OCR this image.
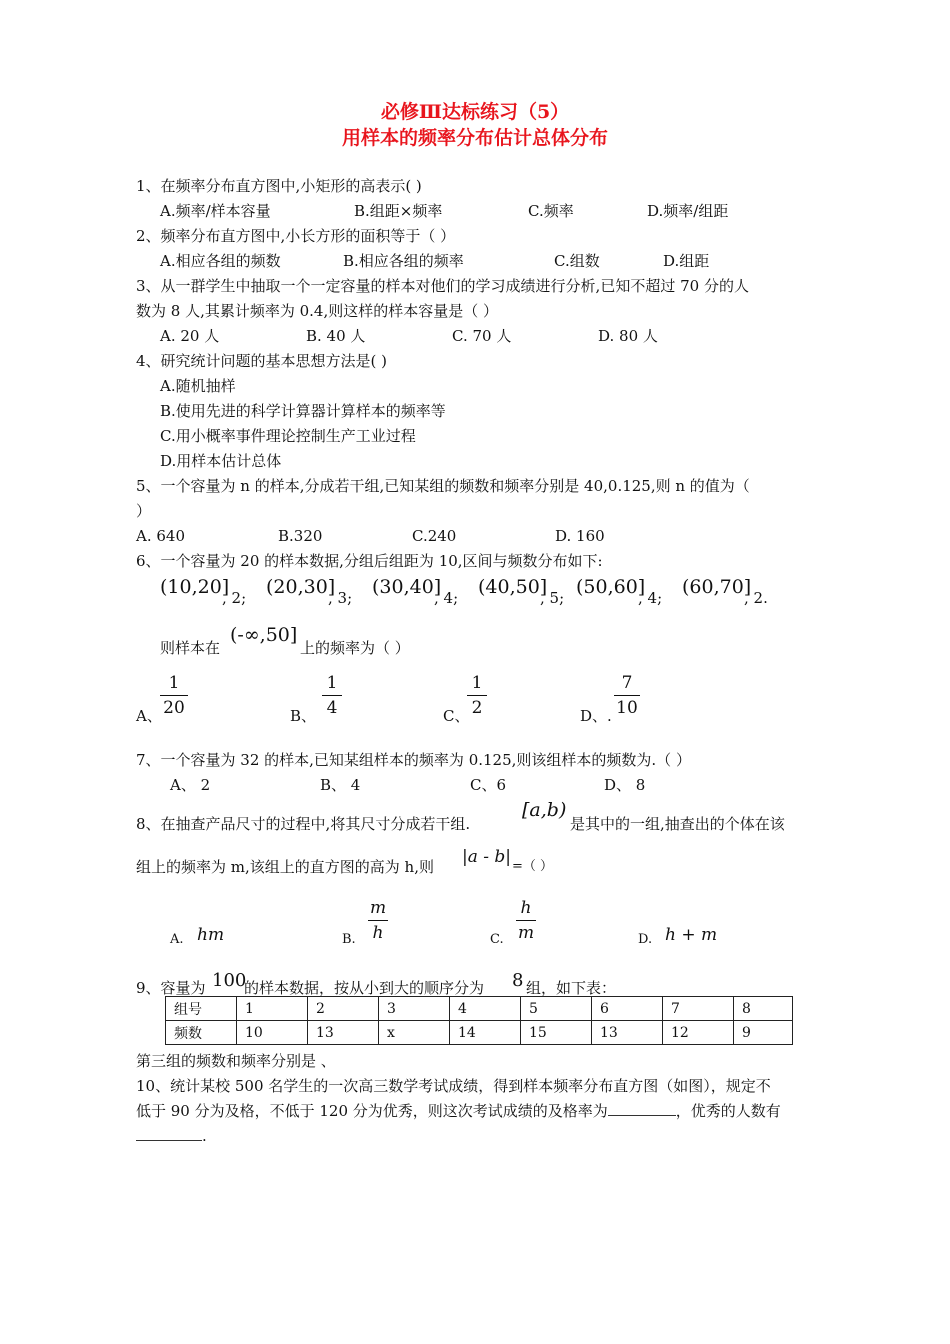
必修Ⅲ达标练习（5）
用样本的频率分布估计总体分布
1、在频率分布直方图中,小矩形的高表示( )
A.频率/样本容量	B.组距×频率	C.频率	D.频率/组距
2、频率分布直方图中,小长方形的面积等于（ ）
A.相应各组的频数	B.相应各组的频率	C.组数	D.组距
3、从一群学生中抽取一个一定容量的样本对他们的学习成绩进行分析,已知不超过 70 分的人
数为 8 人,其累计频率为 0.4,则这样的样本容量是（ ）
A. 20 人	B. 40 人	C. 70 人	D. 80 人
4、研究统计问题的基本思想方法是( )
A.随机抽样
B.使用先进的科学计算器计算样本的频率等
C.用小概率事件理论控制生产工业过程
D.用样本估计总体
5、一个容量为 n 的样本,分成若干组,已知某组的频数和频率分别是 40,0.125,则 n 的值为（
）
A. 640	B.320	C.240	D. 160
6、一个容量为 20 的样本数据,分组后组距为 10,区间与频数分布如下:
(10,20]
, 2; (20,30]
, 3; (30,40]
, 4; (40,50]
, 5; (50,60]
, 4; (60,70]
, 2.
则样本在
(-∞,50]
上的频率为（ ）
A、
1
20	B、
1
4	C、
1
2	D、.
7
10
7、一个容量为 32 的样本,已知某组样本的频率为 0.125,则该组样本的频数为.（ ）
A、 2	B、 4	C、6	D、 8
8、在抽查产品尺寸的过程中,将其尺寸分成若干组.
[a,b)
是其中的一组,抽查出的个体在该
组上的频率为 m,该组上的直方图的高为 h,则 |a - b| =（ ）
A. hm	B.
m
h	C.
h
m	D. h + m
9、容量为 100
的样本数据，按从小到大的顺序分为 8 组，如下表：
组号	1	2	3	4	5	6	7	8
频数	10	13	x	14	15	13	12	9
第三组的频数和频率分别是 、
10、统计某校 500 名学生的一次高三数学考试成绩，得到样本频率分布直方图（如图），规定不
低于 90 分为及格，不低于 120 分为优秀，则这次考试成绩的及格率为	，优秀的人数有
.
